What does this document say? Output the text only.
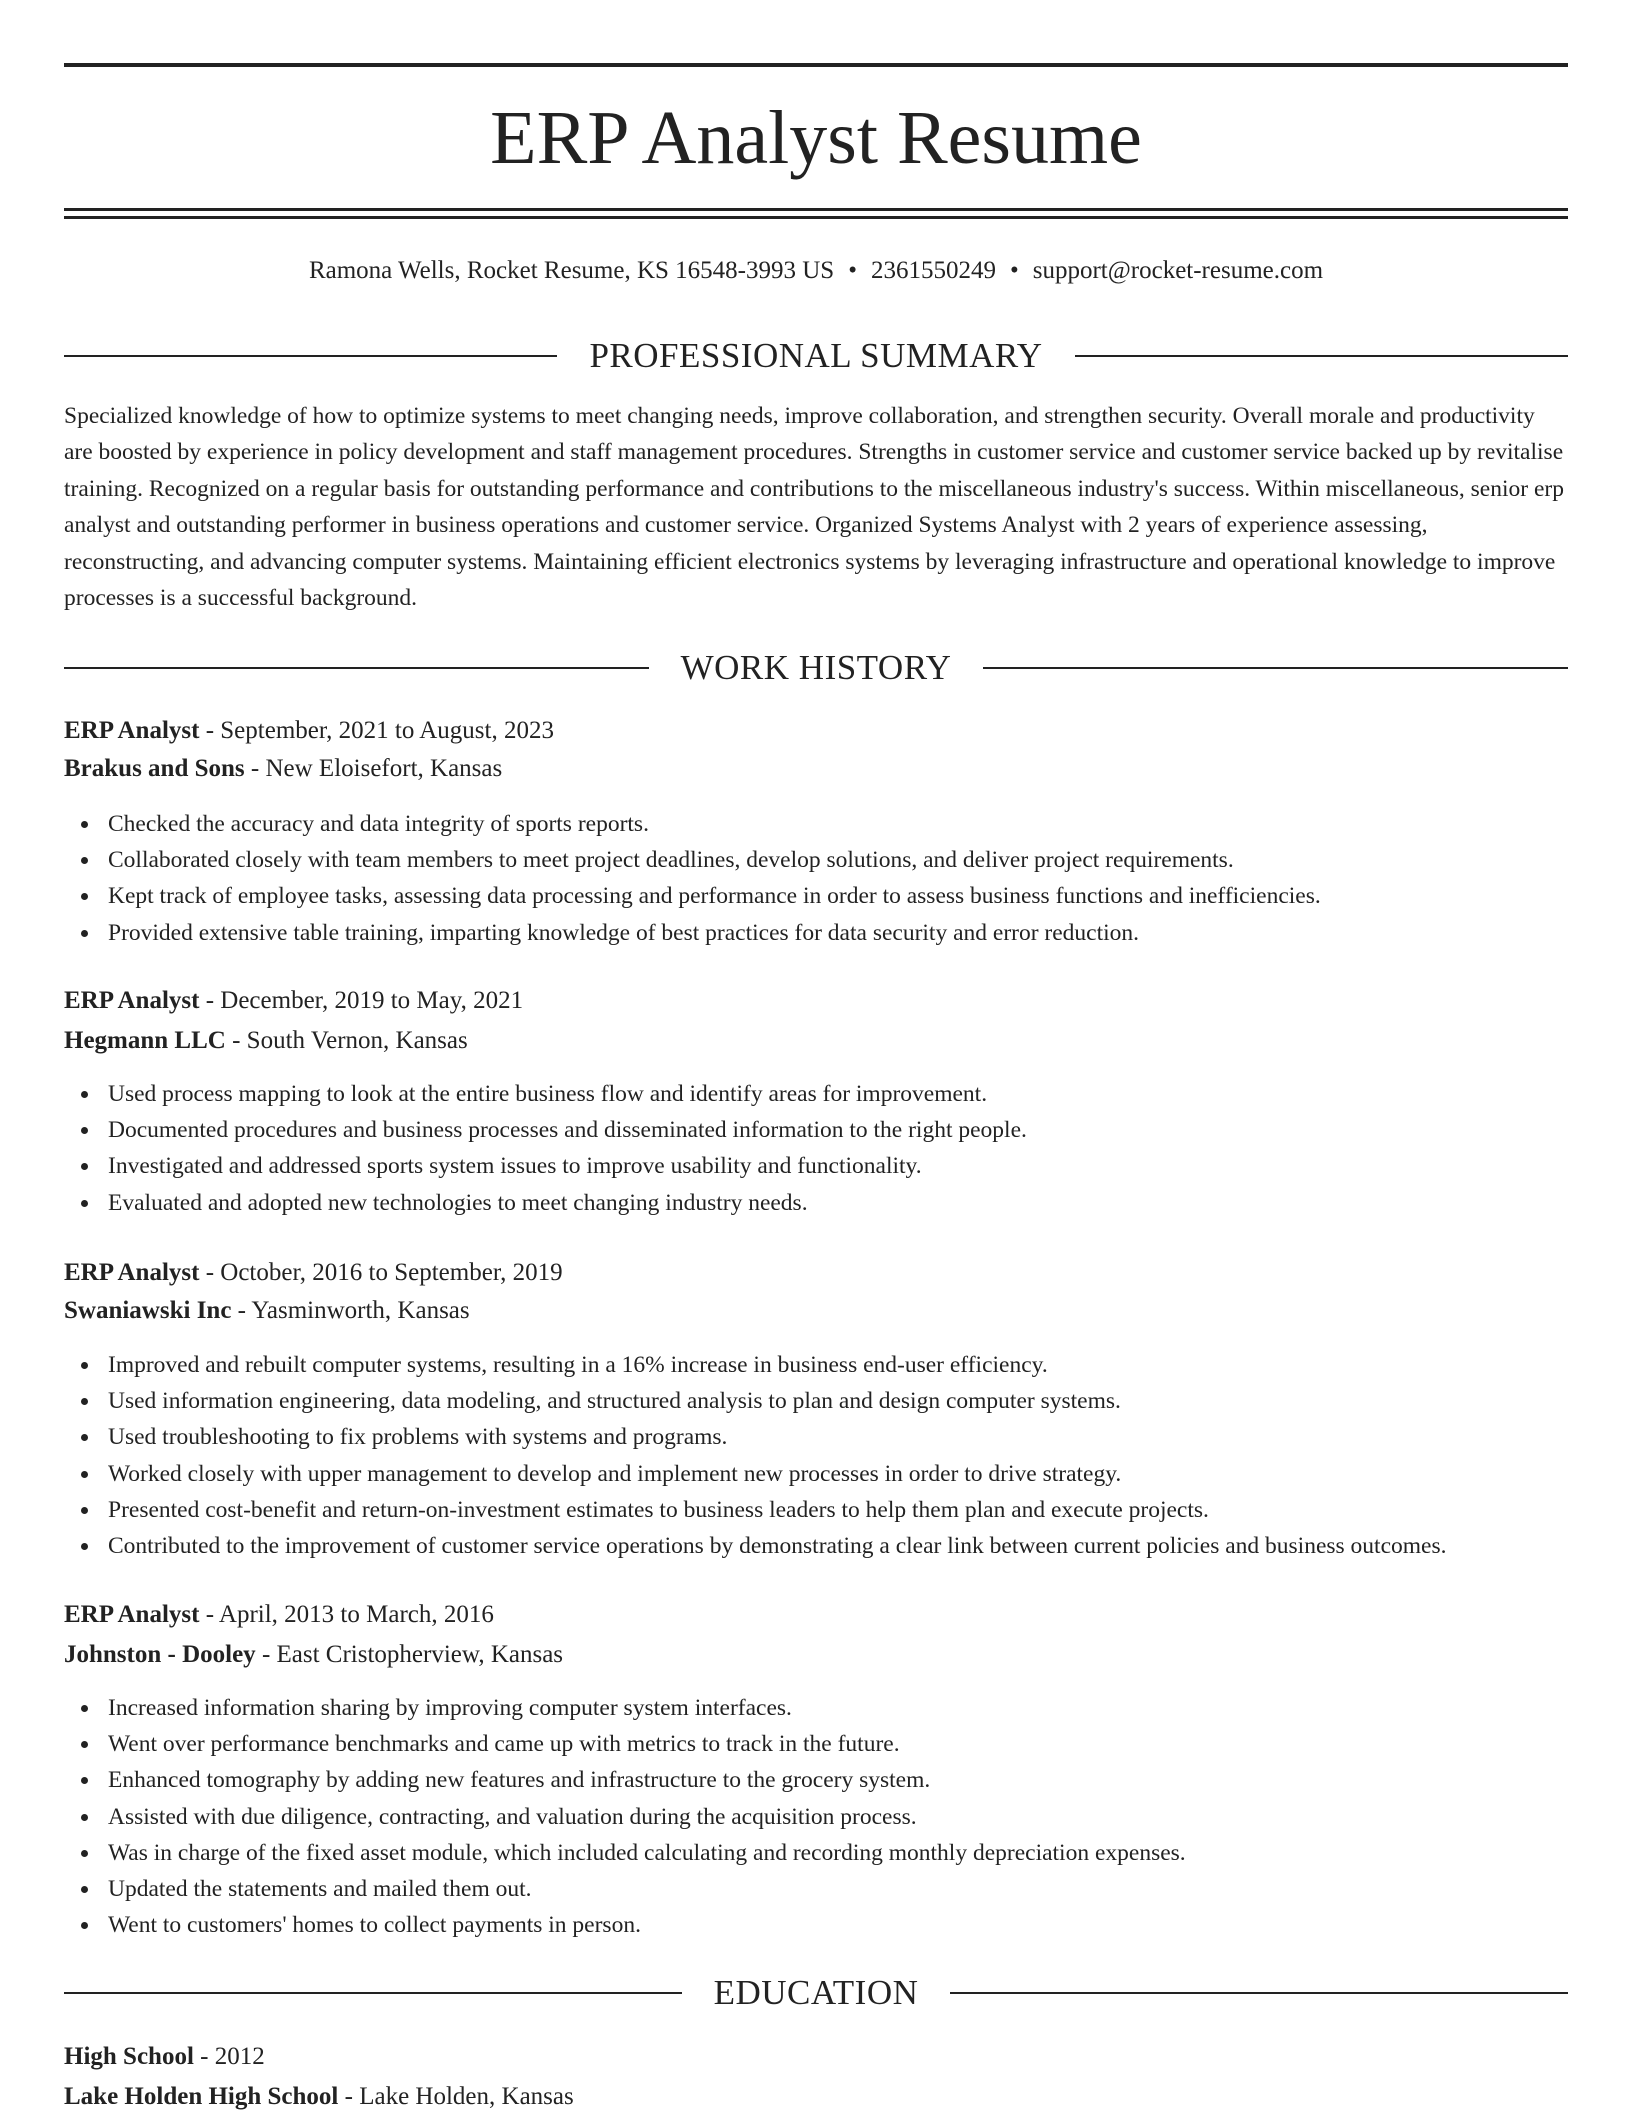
ERP Analyst Resume
Ramona Wells, Rocket Resume, KS 16548-3993 US • 2361550249 • support@rocket-resume.com
PROFESSIONAL SUMMARY

Specialized knowledge of how to optimize systems to meet changing needs, improve collaboration, and strengthen security. Overall morale and productivity are boosted by experience in policy development and staff management procedures. Strengths in customer service and customer service backed up by revitalise training. Recognized on a regular basis for outstanding performance and contributions to the miscellaneous industry's success. Within miscellaneous, senior erp analyst and outstanding performer in business operations and customer service. Organized Systems Analyst with 2 years of experience assessing, reconstructing, and advancing computer systems. Maintaining efficient electronics systems by leveraging infrastructure and operational knowledge to improve processes is a successful background.

WORK HISTORY
ERP Analyst - September, 2021 to August, 2023
Brakus and Sons - New Eloisefort, Kansas
Checked the accuracy and data integrity of sports reports.
Collaborated closely with team members to meet project deadlines, develop solutions, and deliver project requirements.
Kept track of employee tasks, assessing data processing and performance in order to assess business functions and inefficiencies.
Provided extensive table training, imparting knowledge of best practices for data security and error reduction.
ERP Analyst - December, 2019 to May, 2021
Hegmann LLC - South Vernon, Kansas
Used process mapping to look at the entire business flow and identify areas for improvement.
Documented procedures and business processes and disseminated information to the right people.
Investigated and addressed sports system issues to improve usability and functionality.
Evaluated and adopted new technologies to meet changing industry needs.
ERP Analyst - October, 2016 to September, 2019
Swaniawski Inc - Yasminworth, Kansas
Improved and rebuilt computer systems, resulting in a 16% increase in business end-user efficiency.
Used information engineering, data modeling, and structured analysis to plan and design computer systems.
Used troubleshooting to fix problems with systems and programs.
Worked closely with upper management to develop and implement new processes in order to drive strategy.
Presented cost-benefit and return-on-investment estimates to business leaders to help them plan and execute projects.
Contributed to the improvement of customer service operations by demonstrating a clear link between current policies and business outcomes.
ERP Analyst - April, 2013 to March, 2016
Johnston - Dooley - East Cristopherview, Kansas
Increased information sharing by improving computer system interfaces.
Went over performance benchmarks and came up with metrics to track in the future.
Enhanced tomography by adding new features and infrastructure to the grocery system.
Assisted with due diligence, contracting, and valuation during the acquisition process.
Was in charge of the fixed asset module, which included calculating and recording monthly depreciation expenses.
Updated the statements and mailed them out.
Went to customers' homes to collect payments in person.
EDUCATION
High School - 2012
Lake Holden High School - Lake Holden, Kansas
